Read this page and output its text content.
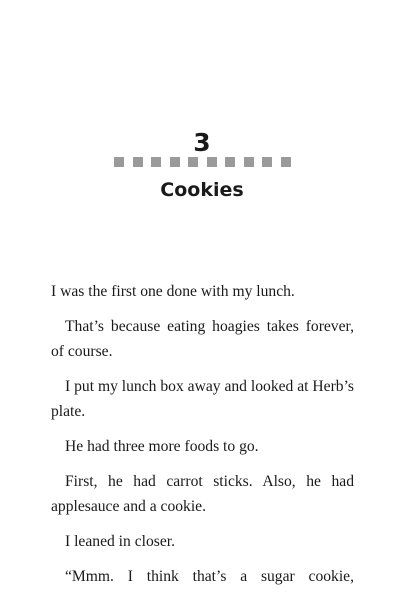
3
Cookies

I was the first one done with my lunch.

That’s because eating hoagies takes forever, of course.

I put my lunch box away and looked at Herb’s plate.

He had three more foods to go.

First, he had carrot sticks. Also, he had applesauce and a cookie.

I leaned in closer.

“Mmm. I think that’s a sugar cookie,
